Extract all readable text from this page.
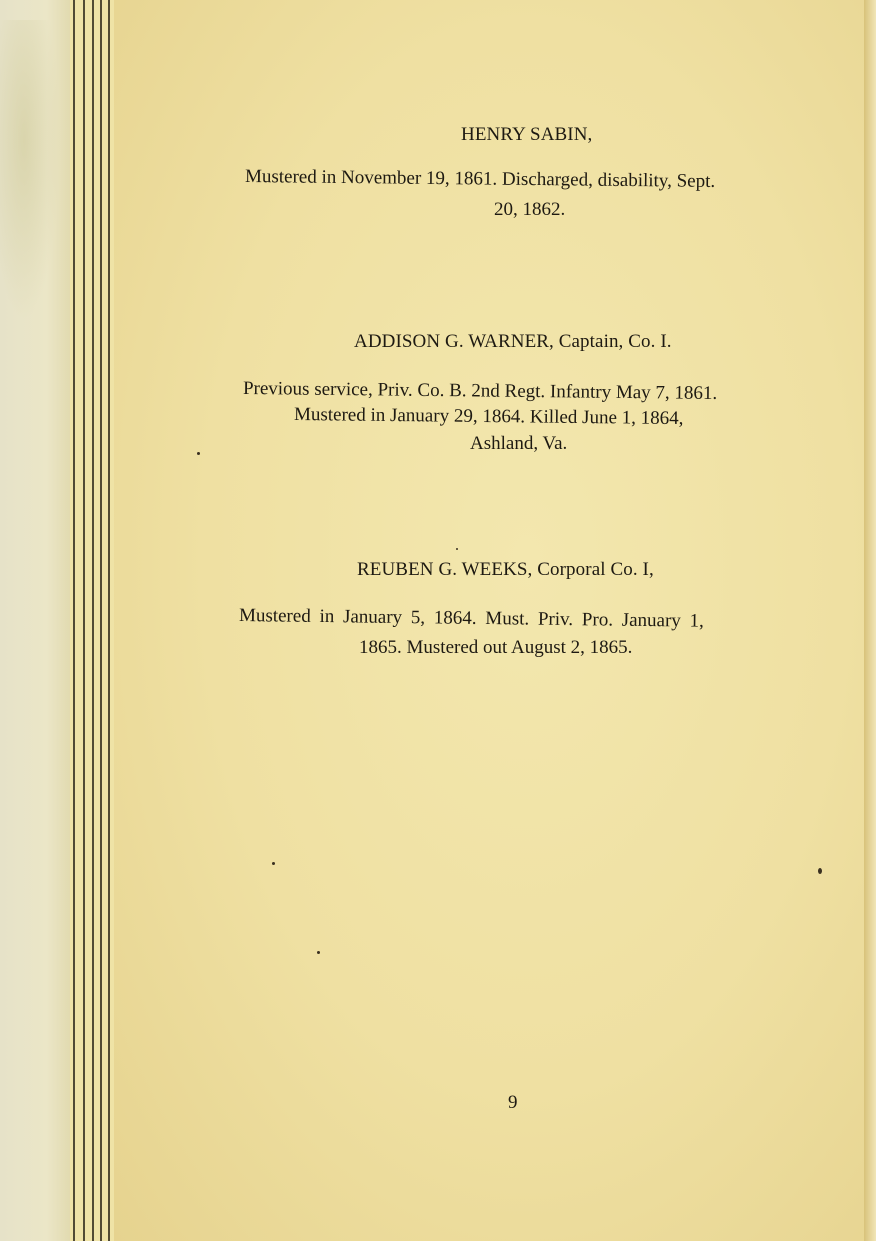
HENRY SABIN,
Mustered in November 19, 1861. Discharged, disability, Sept.
20, 1862.
ADDISON G. WARNER, Captain, Co. I.
Previous service, Priv. Co. B. 2nd Regt. Infantry May 7, 1861.
Mustered in January 29, 1864. Killed June 1, 1864,
Ashland, Va.
REUBEN G. WEEKS, Corporal Co. I,
Mustered in January 5, 1864. Must. Priv. Pro. January 1,
1865. Mustered out August 2, 1865.
9
